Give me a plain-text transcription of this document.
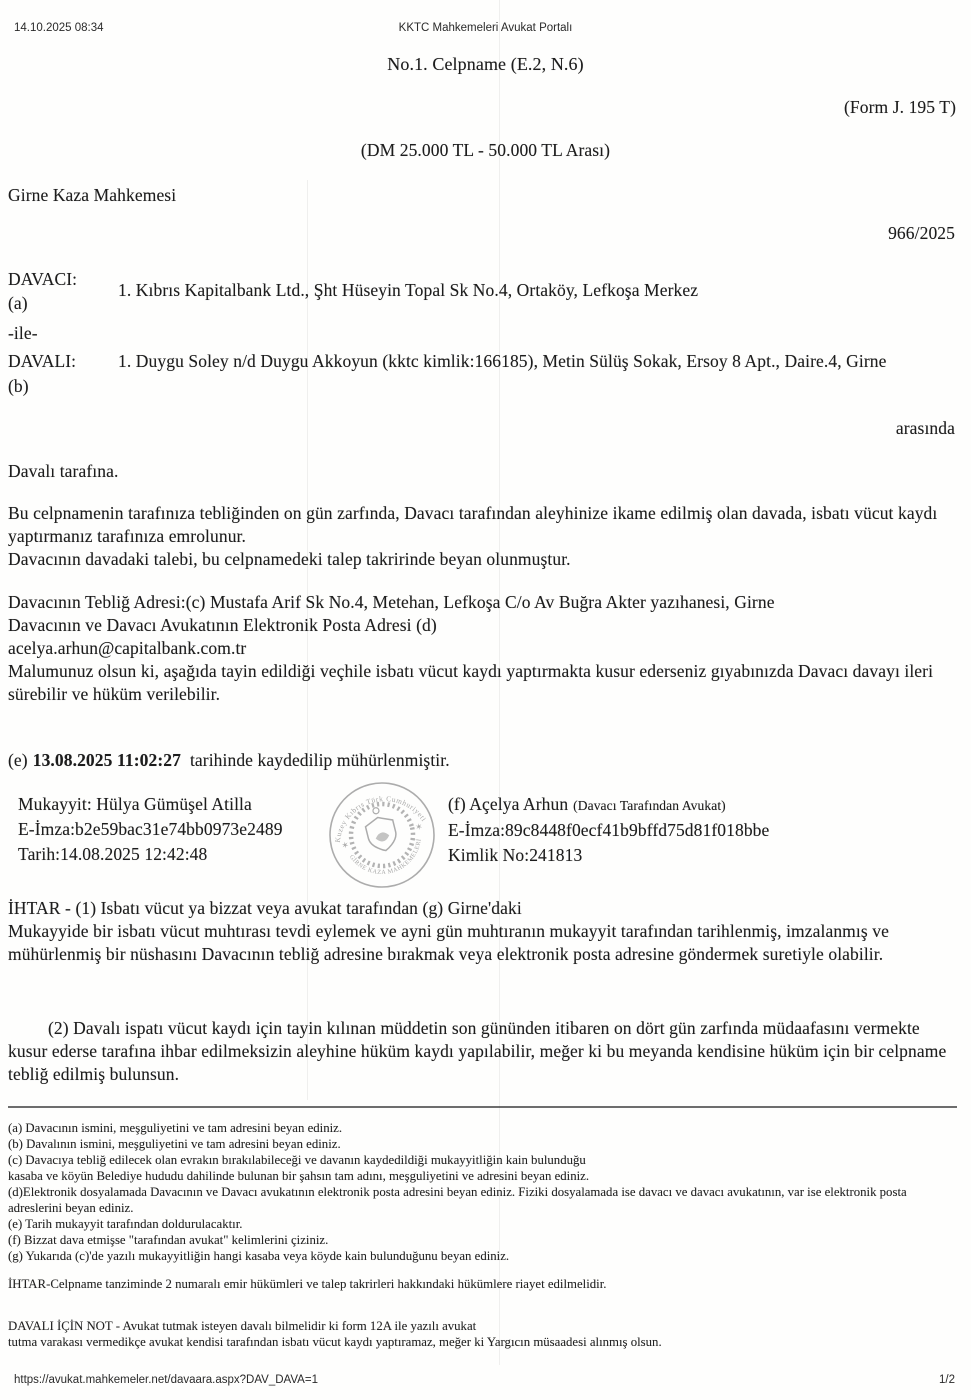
14.10.2025 08:34	KKTC Mahkemeleri Avukat Portalı
No.1. Celpname (E.2, N.6)
(Form J. 195 T)
(DM 25.000 TL - 50.000 TL Arası)
Girne Kaza Mahkemesi
966/2025
DAVACI:
(a)
1. Kıbrıs Kapitalbank Ltd., Şht Hüseyin Topal Sk No.4, Ortaköy, Lefkoşa Merkez
-ile-
DAVALI:
(b)
1. Duygu Soley n/d Duygu Akkoyun (kktc kimlik:166185), Metin Sülüş Sokak, Ersoy 8 Apt., Daire.4, Girne
arasında
Davalı tarafına.
Bu celpnamenin tarafınıza tebliğinden on gün zarfında, Davacı tarafından aleyhinize ikame edilmiş olan davada, isbatı vücut kaydı yaptırmanız tarafınıza emrolunur.
Davacının davadaki talebi, bu celpnamedeki talep takririnde beyan olunmuştur.
Davacının Tebliğ Adresi:(c) Mustafa Arif Sk No.4, Metehan, Lefkoşa C/o Av Buğra Akter yazıhanesi, Girne
Davacının ve Davacı Avukatının Elektronik Posta Adresi (d)
acelya.arhun@capitalbank.com.tr
Malumunuz olsun ki, aşağıda tayin edildiği veçhile isbatı vücut kaydı yaptırmakta kusur ederseniz gıyabınızda Davacı davayı ileri sürebilir ve hüküm verilebilir.
(e) 13.08.2025 11:02:27 tarihinde kaydedilip mühürlenmiştir.
Mukayyit: Hülya Gümüşel Atilla
E-İmza:b2e59bac31e74bb0973e2489
Tarih:14.08.2025 12:42:48
Kuzey Kıbrıs Türk Cumhuriyeti
GİRNE KAZA MAHKEMELERİ
✶
✶
(f) Açelya Arhun (Davacı Tarafından Avukat)
E-İmza:89c8448f0ecf41b9bffd75d81f018bbe
Kimlik No:241813
İHTAR - (1) Isbatı vücut ya bizzat veya avukat tarafından (g) Girne'daki
Mukayyide bir isbatı vücut muhtırası tevdi eylemek ve ayni gün muhtıranın mukayyit tarafından tarihlenmiş, imzalanmış ve mühürlenmiş bir nüshasını Davacının tebliğ adresine bırakmak veya elektronik posta adresine göndermek suretiyle olabilir.
(2) Davalı ispatı vücut kaydı için tayin kılınan müddetin son gününden itibaren on dört gün zarfında müdaafasını vermekte kusur ederse tarafına ihbar edilmeksizin aleyhine hüküm kaydı yapılabilir, meğer ki bu meyanda kendisine hüküm için bir celpname tebliğ edilmiş bulunsun.
(a) Davacının ismini, meşguliyetini ve tam adresini beyan ediniz.
(b) Davalının ismini, meşguliyetini ve tam adresini beyan ediniz.
(c) Davacıya tebliğ edilecek olan evrakın bırakılabileceği ve davanın kaydedildiği mukayyitliğin kain bulunduğu
kasaba ve köyün Belediye hududu dahilinde bulunan bir şahsın tam adını, meşguliyetini ve adresini beyan ediniz.
(d)Elektronik dosyalamada Davacının ve Davacı avukatının elektronik posta adresini beyan ediniz. Fiziki dosyalamada ise davacı ve davacı avukatının, var ise elektronik posta adreslerini beyan ediniz.
(e) Tarih mukayyit tarafından doldurulacaktır.
(f) Bizzat dava etmişse "tarafından avukat" kelimlerini çiziniz.
(g) Yukarıda (c)'de yazılı mukayyitliğin hangi kasaba veya köyde kain bulunduğunu beyan ediniz.
İHTAR-Celpname tanziminde 2 numaralı emir hükümleri ve talep takrirleri hakkındaki hükümlere riayet edilmelidir.
DAVALI İÇİN NOT - Avukat tutmak isteyen davalı bilmelidir ki form 12A ile yazılı avukat
tutma varakası vermedikçe avukat kendisi tarafından isbatı vücut kaydı yaptıramaz, meğer ki Yargıcın müsaadesi alınmış olsun.
https://avukat.mahkemeler.net/davaara.aspx?DAV_DAVA=1	1/2
